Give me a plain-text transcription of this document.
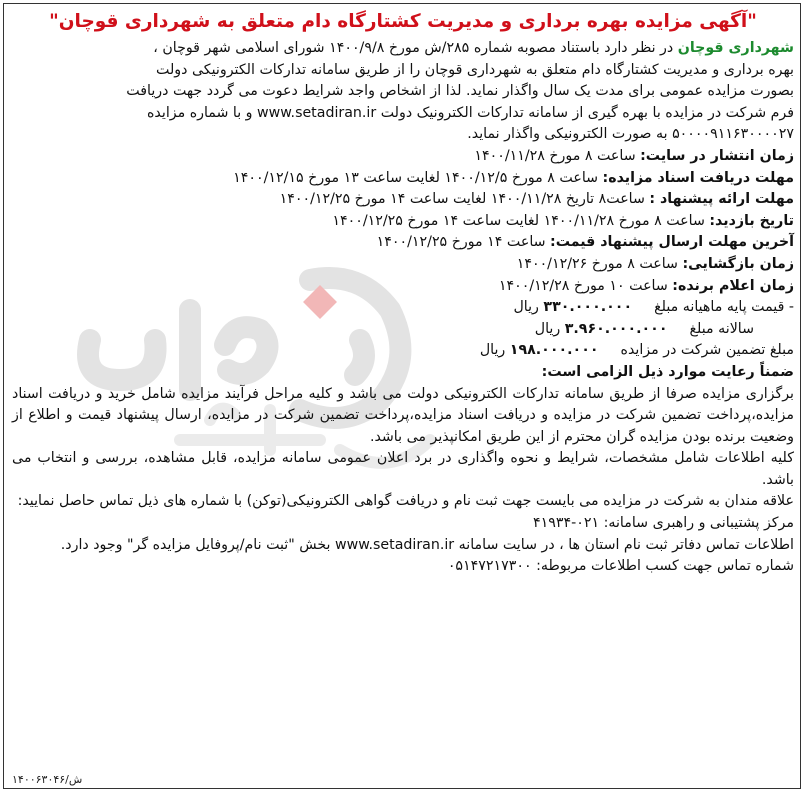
"آگهی مزایده بهره برداری و مدیریت کشتارگاه دام متعلق به شهرداری قوچان"
شهرداری قوچان در نظر دارد باستناد مصوبه شماره ۲۸۵/ش مورخ ۱۴۰۰/۹/۸ شورای اسلامی شهر قوچان ،
بهره برداری و مدیریت کشتارگاه دام متعلق به شهرداری قوچان را از طریق سامانه تدارکات الکترونیکی دولت
بصورت مزایده عمومی برای مدت یک سال واگذار نماید. لذا از اشخاص واجد شرایط دعوت می گردد جهت دریافت
فرم شرکت در مزایده با بهره گیری از سامانه تدارکات الکترونیک دولت www.setadiran.ir و با شماره مزایده
۵۰۰۰۰۹۱۱۶۳۰۰۰۰۲۷ به صورت الکترونیکی واگذار نماید.
زمان انتشار در سایت: ساعت ۸ مورخ ۱۴۰۰/۱۱/۲۸
مهلت دریافت اسناد مزایده: ساعت ۸ مورخ ۱۴۰۰/۱۲/۵ لغایت ساعت ۱۳ مورخ ۱۴۰۰/۱۲/۱۵
مهلت ارائه پیشنهاد : ساعت۸ تاریخ ۱۴۰۰/۱۱/۲۸ لغایت ساعت ۱۴ مورخ ۱۴۰۰/۱۲/۲۵
تاریخ بازدید: ساعت ۸ مورخ ۱۴۰۰/۱۱/۲۸ لغایت ساعت ۱۴ مورخ ۱۴۰۰/۱۲/۲۵
آخرین مهلت ارسال پیشنهاد قیمت: ساعت ۱۴ مورخ ۱۴۰۰/۱۲/۲۵
زمان بازگشایی: ساعت ۸ مورخ ۱۴۰۰/۱۲/۲۶
زمان اعلام برنده: ساعت ۱۰ مورخ ۱۴۰۰/۱۲/۲۸
- قیمت پایه ماهیانه مبلغ۳۳۰.۰۰۰.۰۰۰ ریال
سالانه مبلغ۳.۹۶۰.۰۰۰.۰۰۰ ریال
مبلغ تضمین شرکت در مزایده۱۹۸.۰۰۰.۰۰۰ ریال
ضمناً رعایت موارد ذیل الزامی است:
برگزاری مزایده صرفا از طریق سامانه تدارکات الکترونیکی دولت می باشد و کلیه مراحل فرآیند مزایده شامل خرید و دریافت اسناد مزایده،پرداخت تضمین شرکت در مزایده و دریافت اسناد مزایده،پرداخت تضمین شرکت در مزایده، ارسال پیشنهاد قیمت و اطلاع از وضعیت برنده بودن مزایده گران محترم از این طریق امکانپذیر می باشد.
کلیه اطلاعات شامل مشخصات، شرایط و نحوه واگذاری در برد اعلان عمومی سامانه مزایده، قابل مشاهده، بررسی و انتخاب می باشد.
علاقه مندان به شرکت در مزایده می بایست جهت ثبت نام و دریافت گواهی الکترونیکی(توکن) با شماره های ذیل تماس حاصل نمایید:
مرکز پشتیبانی و راهبری سامانه: ۰۲۱-۴۱۹۳۴
اطلاعات تماس دفاتر ثبت نام استان ها ، در سایت سامانه www.setadiran.ir بخش "ثبت نام/پروفایل مزایده گر" وجود دارد.
شماره تماس جهت کسب اطلاعات مربوطه: ۰۵۱۴۷۲۱۷۳۰۰
۱۴۰۰۶۳۰۴۶/ش
